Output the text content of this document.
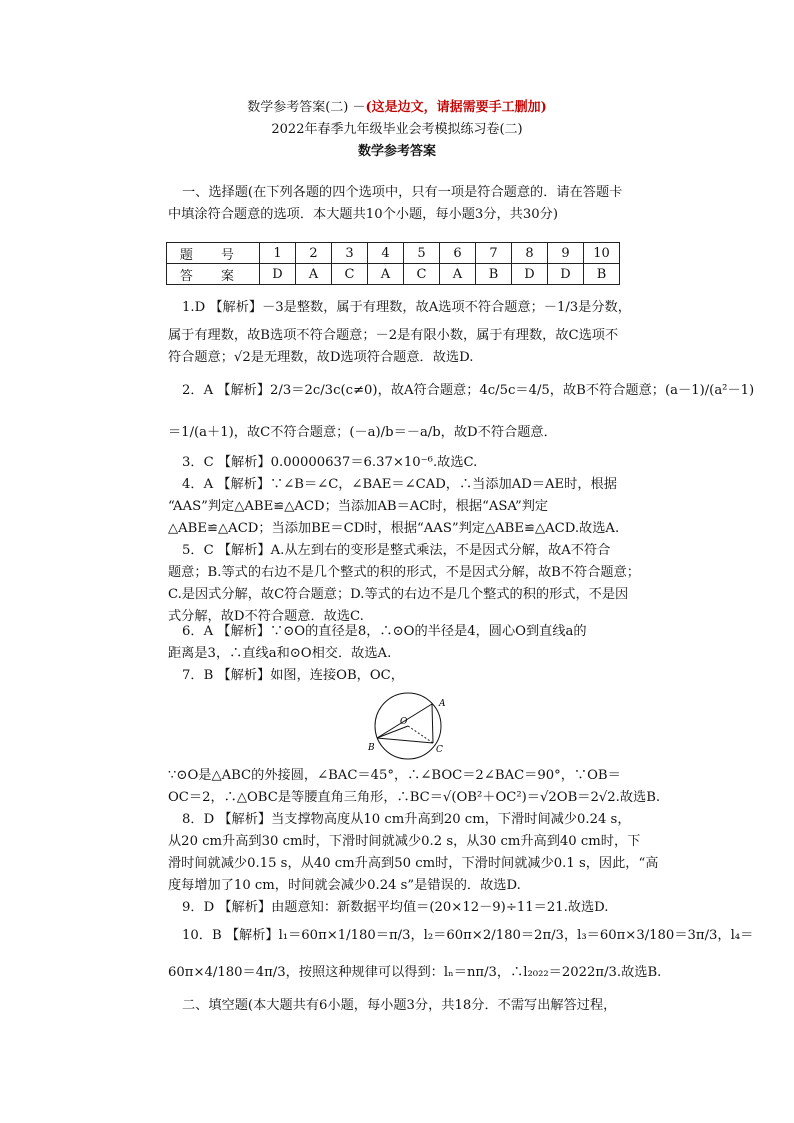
数学参考答案(二) －(这是边文，请据需要手工删加)
2022年春季九年级毕业会考模拟练习卷(二)
数学参考答案
一、选择题(在下列各题的四个选项中，只有一项是符合题意的．请在答题卡
中填涂符合题意的选项．本大题共10个小题，每小题3分，共30分)
题 号	1	2	3	4	5	6	7	8	9	10
答 案	D	A	C	A	C	A	B	D	D	B
1.D 【解析】－3是整数，属于有理数，故A选项不符合题意；－1/3是分数，
属于有理数，故B选项不符合题意；－2是有限小数，属于有理数，故C选项不
符合题意；√2是无理数，故D选项符合题意．故选D.
2．A 【解析】2/3＝2c/3c(c≠0)，故A符合题意；4c/5c＝4/5，故B不符合题意；(a－1)/(a²－1)
＝1/(a＋1)，故C不符合题意；(－a)/b＝－a/b，故D不符合题意．
3．C 【解析】0.00000637＝6.37×10⁻⁶.故选C.
4．A 【解析】∵∠B＝∠C，∠BAE＝∠CAD，∴当添加AD＝AE时，根据
“AAS”判定△ABE≌△ACD；当添加AB＝AC时，根据“ASA”判定
△ABE≌△ACD；当添加BE＝CD时，根据“AAS”判定△ABE≌△ACD.故选A.
5．C 【解析】A.从左到右的变形是整式乘法，不是因式分解，故A不符合
题意；B.等式的右边不是几个整式的积的形式，不是因式分解，故B不符合题意；
C.是因式分解，故C符合题意；D.等式的右边不是几个整式的积的形式，不是因
式分解，故D不符合题意．故选C.
6．A 【解析】∵⊙O的直径是8，∴⊙O的半径是4，圆心O到直线a的
距离是3，∴直线a和⊙O相交．故选A.
7．B 【解析】如图，连接OB，OC，
O
A
B	C
∵⊙O是△ABC的外接圆，∠BAC＝45°，∴∠BOC＝2∠BAC＝90°，∵OB＝
OC＝2，∴△OBC是等腰直角三角形，∴BC＝√(OB²＋OC²)＝√2OB＝2√2.故选B.
8．D 【解析】当支撑物高度从10 cm升高到20 cm，下滑时间减少0.24 s，
从20 cm升高到30 cm时，下滑时间就减少0.2 s，从30 cm升高到40 cm时，下
滑时间就减少0.15 s，从40 cm升高到50 cm时，下滑时间就减少0.1 s，因此，“高
度每增加了10 cm，时间就会减少0.24 s”是错误的．故选D.
9．D 【解析】由题意知：新数据平均值＝(20×12－9)÷11＝21.故选D.
10．B 【解析】l₁＝60π×1/180＝π/3，l₂＝60π×2/180＝2π/3，l₃＝60π×3/180＝3π/3，l₄＝
60π×4/180＝4π/3，按照这种规律可以得到：lₙ＝nπ/3，∴l₂₀₂₂＝2022π/3.故选B.
二、填空题(本大题共有6小题，每小题3分，共18分．不需写出解答过程，
